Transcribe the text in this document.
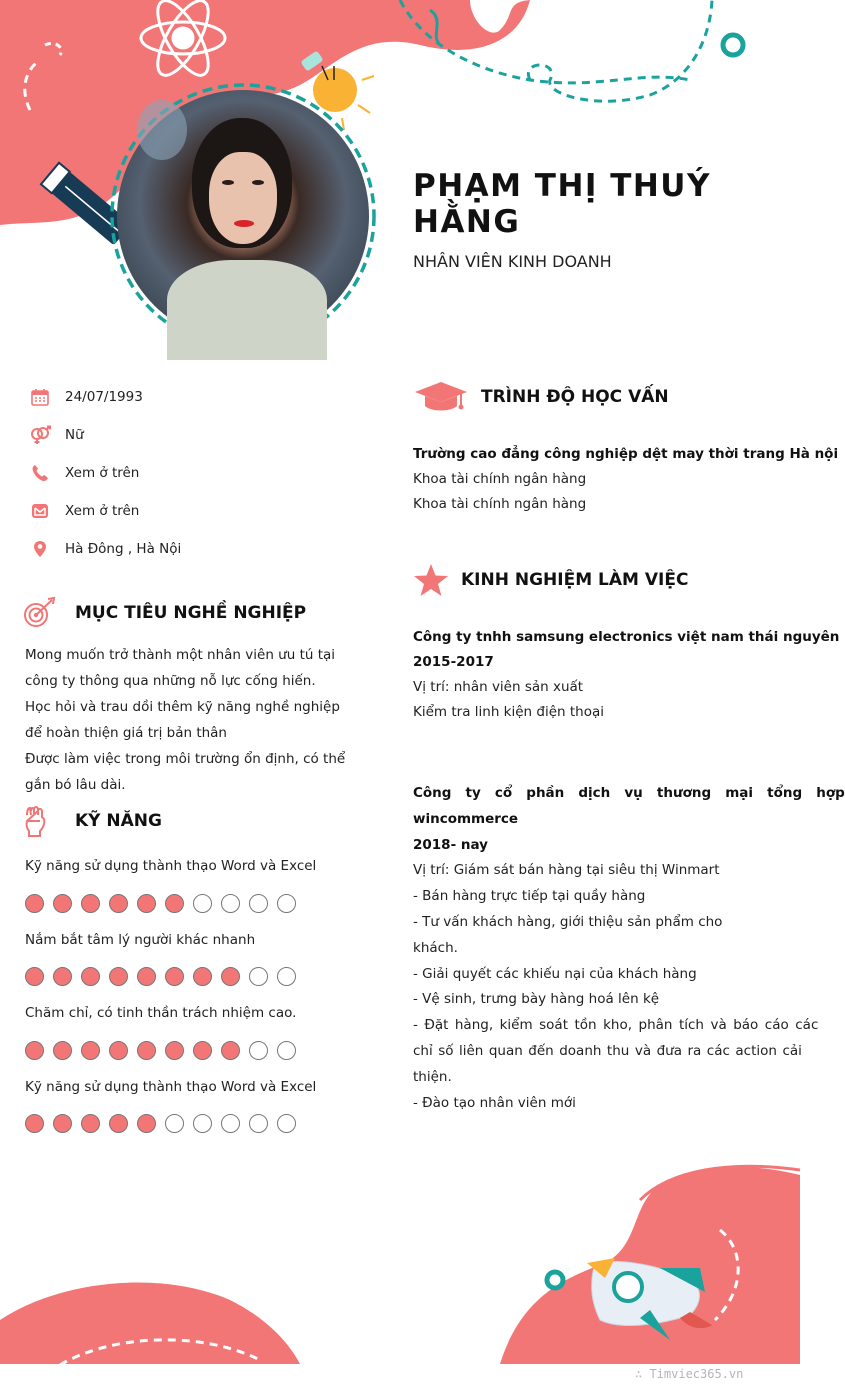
PHẠM THỊ THUÝ
HẰNG
NHÂN VIÊN KINH DOANH
24/07/1993
Nữ
Xem ở trên
Xem ở trên
Hà Đông , Hà Nội
MỤC TIÊU NGHỀ NGHIỆP
Mong muốn trở thành một nhân viên ưu tú tại
công ty thông qua những nỗ lực cống hiến.
Học hỏi và trau dồi thêm kỹ năng nghề nghiệp
để hoàn thiện giá trị bản thân
Được làm việc trong môi trường ổn định, có thể
gắn bó lâu dài.
KỸ NĂNG
Kỹ năng sử dụng thành thạo Word và Excel
Nắm bắt tâm lý người khác nhanh
Chăm chỉ, có tinh thần trách nhiệm cao.
Kỹ năng sử dụng thành thạo Word và Excel
TRÌNH ĐỘ HỌC VẤN
Trường cao đẳng công nghiệp dệt may thời trang Hà nội
Khoa tài chính ngân hàng
Khoa tài chính ngân hàng
KINH NGHIỆM LÀM VIỆC
Công ty tnhh samsung electronics việt nam thái nguyên
2015-2017
Vị trí: nhân viên sản xuất
Kiểm tra linh kiện điện thoại
Công ty cổ phần dịch vụ thương mại tổng hợp
wincommerce
2018- nay
Vị trí: Giám sát bán hàng tại siêu thị Winmart
- Bán hàng trực tiếp tại quầy hàng
- Tư vấn khách hàng, giới thiệu sản phẩm cho khách.
- Giải quyết các khiếu nại của khách hàng
- Vệ sinh, trưng bày hàng hoá lên kệ
- Đặt hàng, kiểm soát tồn kho, phân tích và báo cáo các
chỉ số liên quan đến doanh thu và đưa ra các action cải
thiện.
- Đào tạo nhân viên mới
∴ Timviec365.vn
